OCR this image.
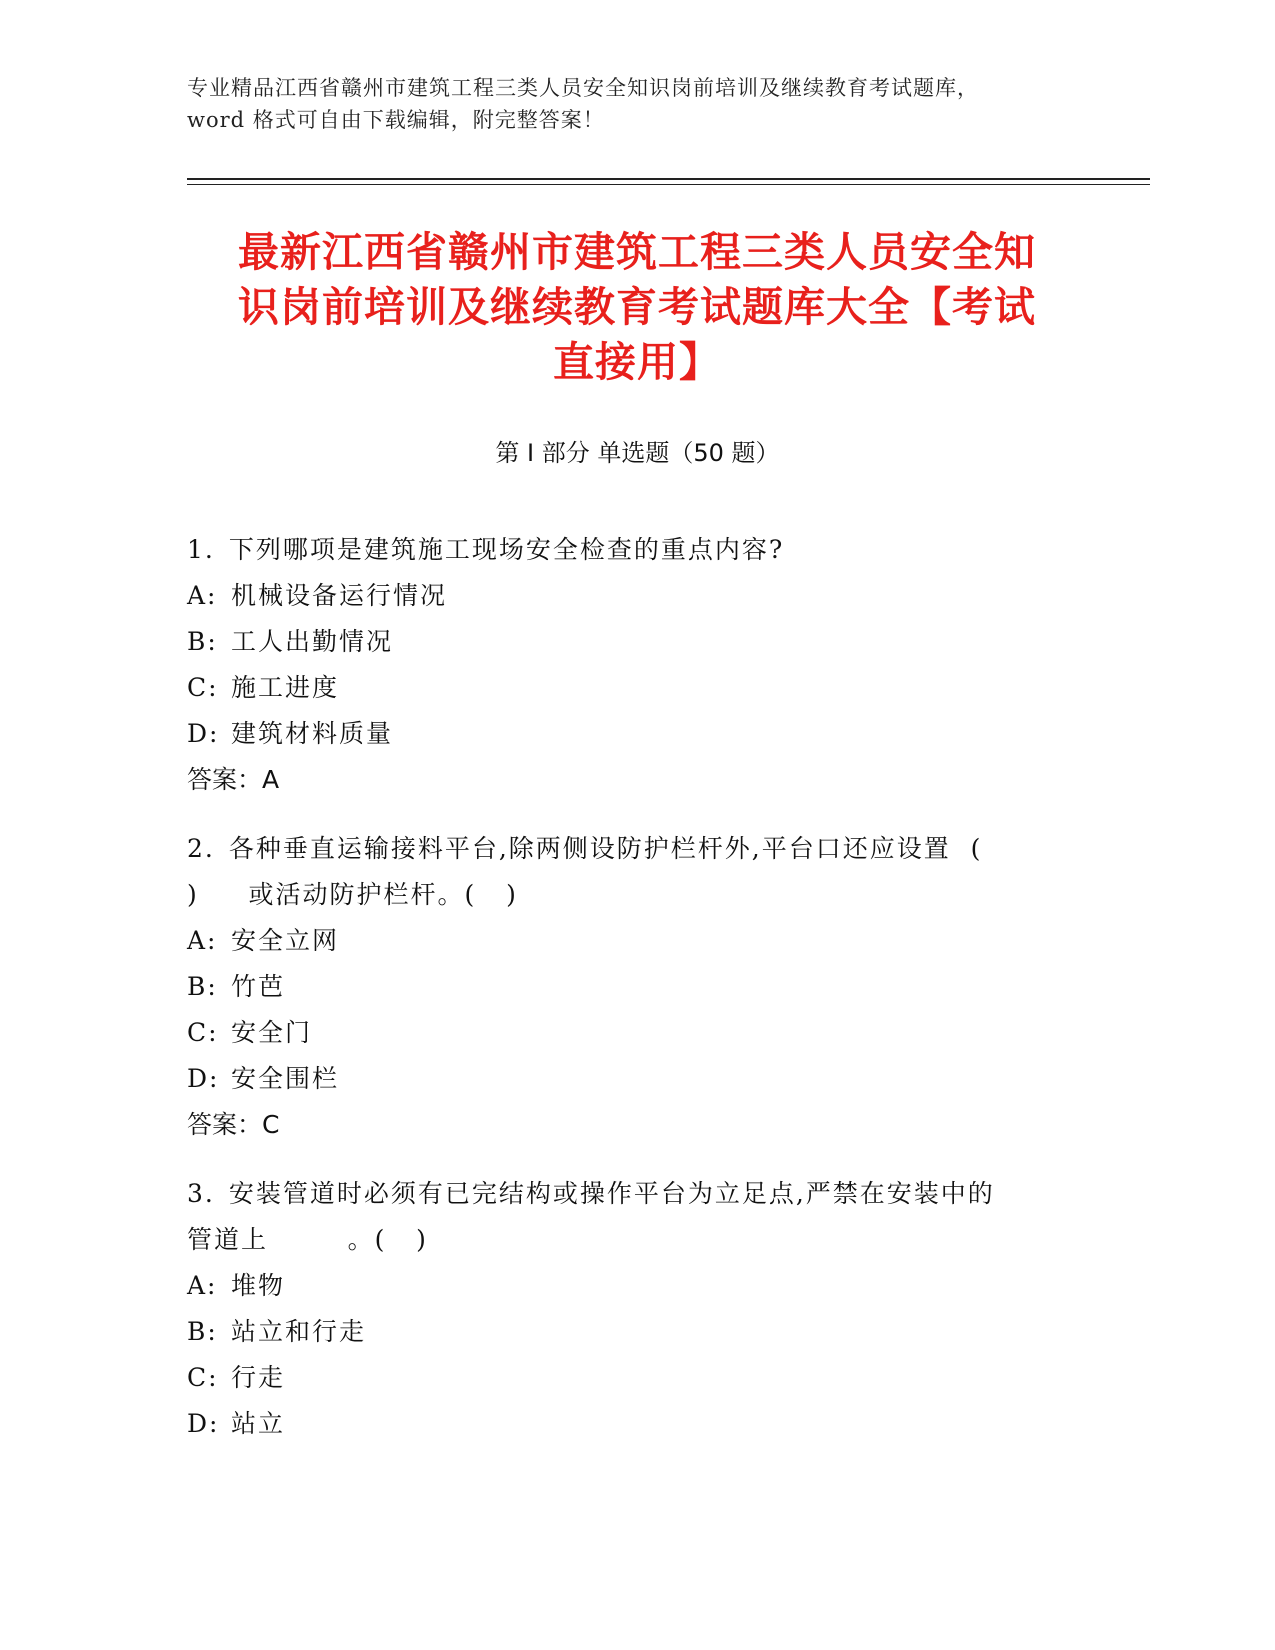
专业精品江西省赣州市建筑工程三类人员安全知识岗前培训及继续教育考试题库，
word 格式可自由下载编辑，附完整答案！
最新江西省赣州市建筑工程三类人员安全知
识岗前培训及继续教育考试题库大全【考试
直接用】
第 I 部分 单选题（50 题）
1. 下列哪项是建筑施工现场安全检查的重点内容?
A: 机械设备运行情况
B: 工人出勤情况
C: 施工进度
D: 建筑材料质量
答案：A
2. 各种垂直运输接料平台,除两侧设防护栏杆外,平台口还应设置  (
)     或活动防护栏杆。(   )
A: 安全立网
B: 竹芭
C: 安全门
D: 安全围栏
答案：C
3. 安装管道时必须有已完结构或操作平台为立足点,严禁在安装中的
管道上        。(   )
A: 堆物
B: 站立和行走
C: 行走
D: 站立
